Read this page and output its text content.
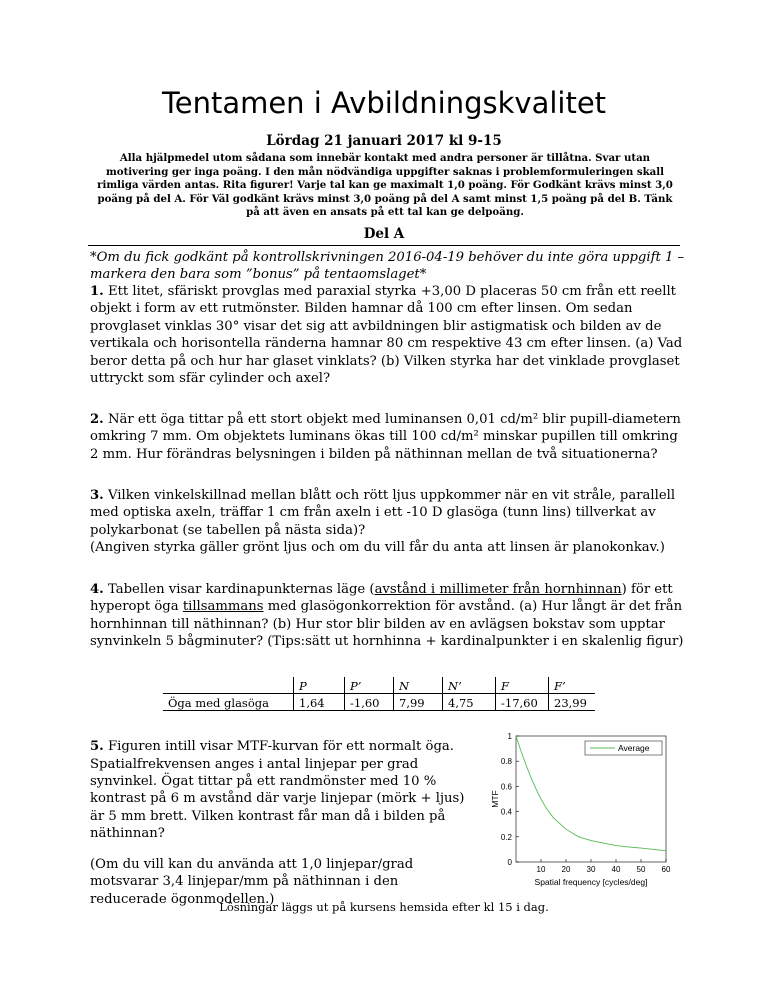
Tentamen i Avbildningskvalitet
Lördag 21 januari 2017 kl 9-15
Alla hjälpmedel utom sådana som innebär kontakt med andra personer är tillåtna. Svar utan motivering ger inga poäng. I den mån nödvändiga uppgifter saknas i problemformuleringen skall rimliga värden antas. Rita figurer! Varje tal kan ge maximalt 1,0 poäng. För Godkänt krävs minst 3,0 poäng på del A. För Väl godkänt krävs minst 3,0 poäng på del A samt minst 1,5 poäng på del B. Tänk på att även en ansats på ett tal kan ge delpoäng.
Del A
*Om du fick godkänt på kontrollskrivningen 2016-04-19 behöver du inte göra uppgift 1 – markera den bara som ”bonus” på tentaomslaget*
1. Ett litet, sfäriskt provglas med paraxial styrka +3,00 D placeras 50 cm från ett reellt objekt i form av ett rutmönster. Bilden hamnar då 100 cm efter linsen. Om sedan provglaset vinklas 30° visar det sig att avbildningen blir astigmatisk och bilden av de vertikala och horisontella ränderna hamnar 80 cm respektive 43 cm efter linsen. (a) Vad beror detta på och hur har glaset vinklats? (b) Vilken styrka har det vinklade provglaset uttryckt som sfär cylinder och axel?
2. När ett öga tittar på ett stort objekt med luminansen 0,01 cd/m² blir pupill-diametern omkring 7 mm. Om objektets luminans ökas till 100 cd/m² minskar pupillen till omkring 2 mm. Hur förändras belysningen i bilden på näthinnan mellan de två situationerna?

3. Vilken vinkelskillnad mellan blått och rött ljus uppkommer när en vit stråle, parallell med optiska axeln, träffar 1 cm från axeln i ett -10 D glasöga (tunn lins) tillverkat av polykarbonat (se tabellen på nästa sida)?

(Angiven styrka gäller grönt ljus och om du vill får du anta att linsen är planokonkav.)

4. Tabellen visar kardinapunkternas läge (avstånd i millimeter från hornhinnan) för ett hyperopt öga tillsammans med glasögonkorrektion för avstånd. (a) Hur långt är det från hornhinnan till näthinnan? (b) Hur stor blir bilden av en avlägsen bokstav som upptar synvinkeln 5 bågminuter? (Tips:sätt ut hornhinna + kardinalpunkter i en skalenlig figur)
	P	P’	N	N’	F	F’
Öga med glasöga	1,64	-1,60	7,99	4,75	-17,60	23,99

5. Figuren intill visar MTF-kurvan för ett normalt öga. Spatialfrekvensen anges i antal linjepar per grad synvinkel. Ögat tittar på ett randmönster med 10 % kontrast på 6 m avstånd där varje linjepar (mörk + ljus) är 5 mm brett. Vilken kontrast får man då i bilden på näthinnan?

(Om du vill kan du använda att 1,0 linjepar/grad motsvarar 3,4 linjepar/mm på näthinnan i den reducerade ögonmodellen.)

0
0.2
0.4
0.6
0.8
1
10 20 30 40 50 60
Average
MTF
Spatial frequency [cycles/deg]
Lösningar läggs ut på kursens hemsida efter kl 15 i dag.
